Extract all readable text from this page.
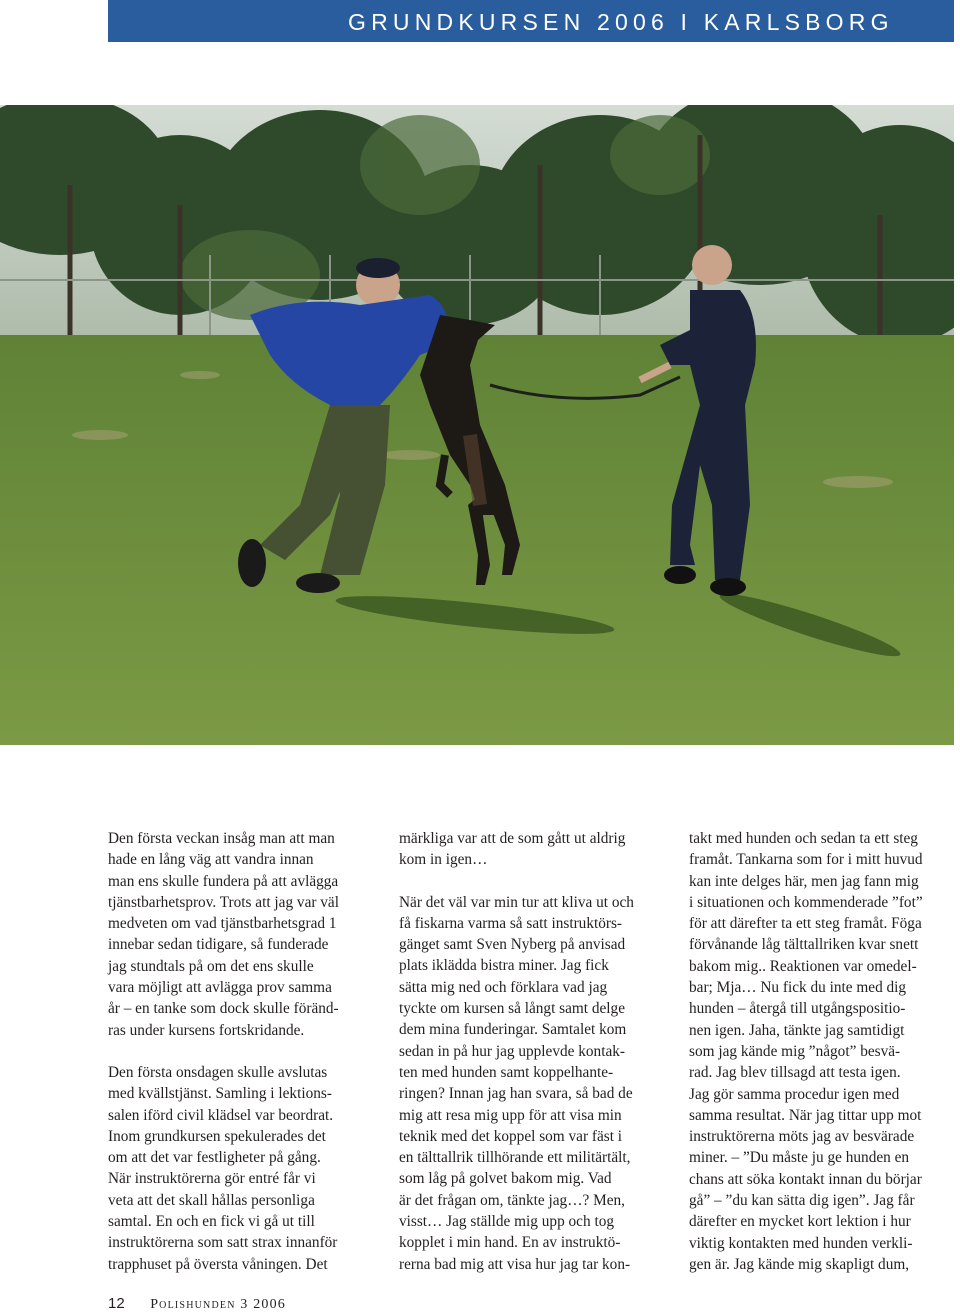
GRUNDKURSEN 2006 I KARLSBORG

Den första veckan insåg man att man
hade en lång väg att vandra innan
man ens skulle fundera på att avlägga
tjänstbarhetsprov. Trots att jag var väl
medveten om vad tjänstbarhetsgrad 1
innebar sedan tidigare, så funderade
jag stundtals på om det ens skulle
vara möjligt att avlägga prov samma
år – en tanke som dock skulle föränd-
ras under kursens fortskridande.

Den första onsdagen skulle avslutas
med kvällstjänst. Samling i lektions-
salen iförd civil klädsel var beordrat.
Inom grundkursen spekulerades det
om att det var festligheter på gång.
När instruktörerna gör entré får vi
veta att det skall hållas personliga
samtal. En och en fick vi gå ut till
instruktörerna som satt strax innanför
trapphuset på översta våningen. Det

märkliga var att de som gått ut aldrig
kom in igen…

När det väl var min tur att kliva ut och
få fiskarna varma så satt instruktörs-
gänget samt Sven Nyberg på anvisad
plats iklädda bistra miner. Jag fick
sätta mig ned och förklara vad jag
tyckte om kursen så långt samt delge
dem mina funderingar. Samtalet kom
sedan in på hur jag upplevde kontak-
ten med hunden samt koppelhante-
ringen? Innan jag han svara, så bad de
mig att resa mig upp för att visa min
teknik med det koppel som var fäst i
en tälttallrik tillhörande ett militärtält,
som låg på golvet bakom mig. Vad
är det frågan om, tänkte jag…? Men,
visst… Jag ställde mig upp och tog
kopplet i min hand. En av instruktö-
rerna bad mig att visa hur jag tar kon-

takt med hunden och sedan ta ett steg
framåt. Tankarna som for i mitt huvud
kan inte delges här, men jag fann mig
i situationen och kommenderade ”fot”
för att därefter ta ett steg framåt. Föga
förvånande låg tälttallriken kvar snett
bakom mig.. Reaktionen var omedel-
bar; Mja… Nu fick du inte med dig
hunden – återgå till utgångspositio-
nen igen. Jaha, tänkte jag samtidigt
som jag kände mig ”något” besvä-
rad. Jag blev tillsagd att testa igen.
Jag gör samma procedur igen med
samma resultat. När jag tittar upp mot
instruktörerna möts jag av besvärade
miner. – ”Du måste ju ge hunden en
chans att söka kontakt innan du börjar
gå” – ”du kan sätta dig igen”. Jag får
därefter en mycket kort lektion i hur
viktig kontakten med hunden verkli-
gen är. Jag kände mig skapligt dum,

12 Polishunden 3 2006
